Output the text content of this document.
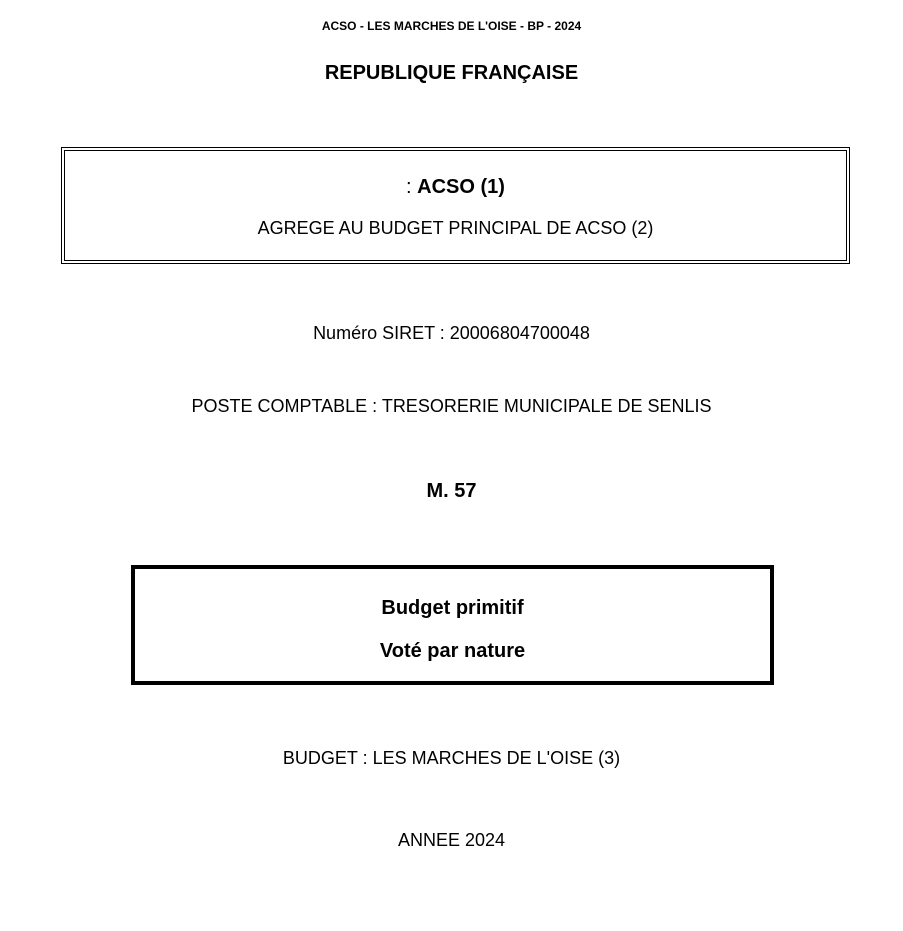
ACSO - LES MARCHES DE L'OISE - BP - 2024
REPUBLIQUE FRANÇAISE
: ACSO (1)
AGREGE AU BUDGET PRINCIPAL DE ACSO (2)
Numéro SIRET : 20006804700048
POSTE COMPTABLE : TRESORERIE MUNICIPALE DE SENLIS
M. 57
Budget primitif
Voté par nature
BUDGET : LES MARCHES DE L'OISE (3)
ANNEE 2024
